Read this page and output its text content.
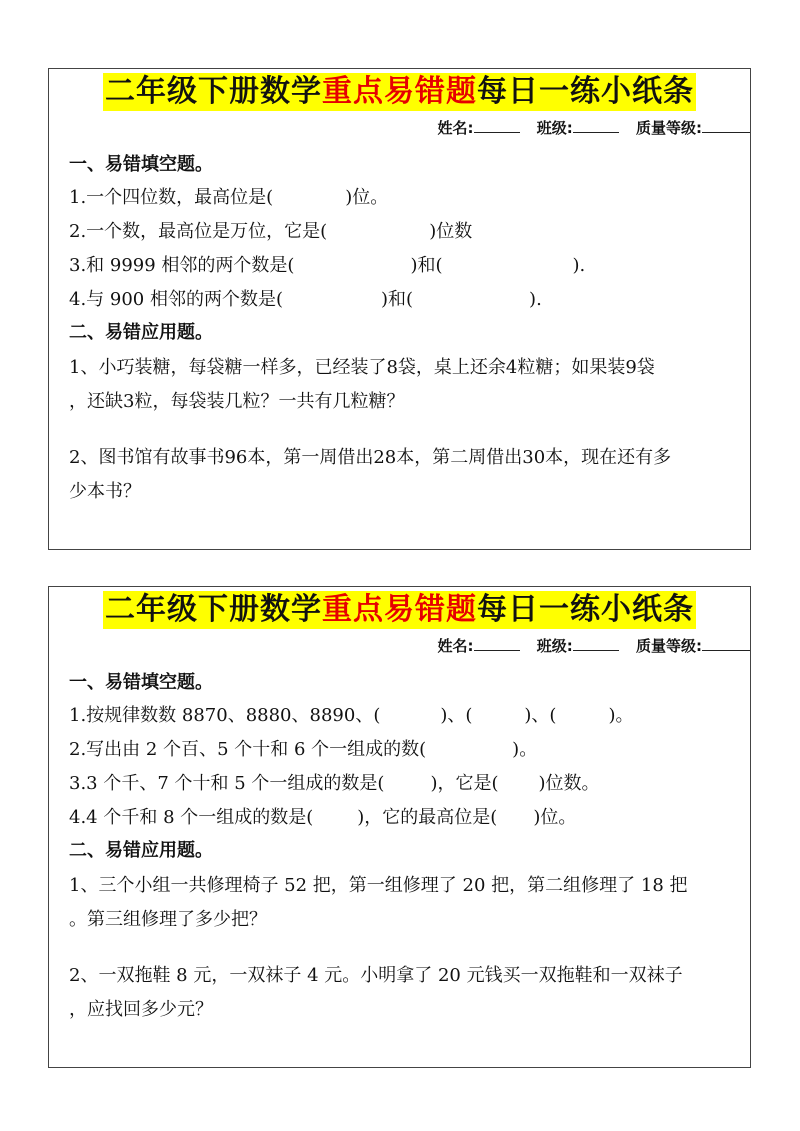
二年级下册数学重点易错题每日一练小纸条
姓名:	班级:	质量等级:
一、易错填空题。
1.一个四位数，最高位是(	)位。
2.一个数，最高位是万位，它是(	)位数
3.和 9999 相邻的两个数是(	)和(	).
4.与 900 相邻的两个数是(	)和(	).
二、易错应用题。
1、小巧装糖，每袋糖一样多，已经装了8袋，桌上还余4粒糖；如果装9袋
，还缺3粒，每袋装几粒？一共有几粒糖？
2、图书馆有故事书96本，第一周借出28本，第二周借出30本，现在还有多
少本书？
二年级下册数学重点易错题每日一练小纸条
姓名:	班级:	质量等级:
一、易错填空题。
1.按规律数数 8870、8880、8890、(	)、(	)、(	)。
2.写出由 2 个百、5 个十和 6 个一组成的数(	)。
3.3 个千、7 个十和 5 个一组成的数是(	)，它是( )位数。
4.4 个千和 8 个一组成的数是( )，它的最高位是( )位。
二、易错应用题。
1、三个小组一共修理椅子 52 把，第一组修理了 20 把，第二组修理了 18 把
。第三组修理了多少把？
2、一双拖鞋 8 元，一双袜子 4 元。小明拿了 20 元钱买一双拖鞋和一双袜子
，应找回多少元？
